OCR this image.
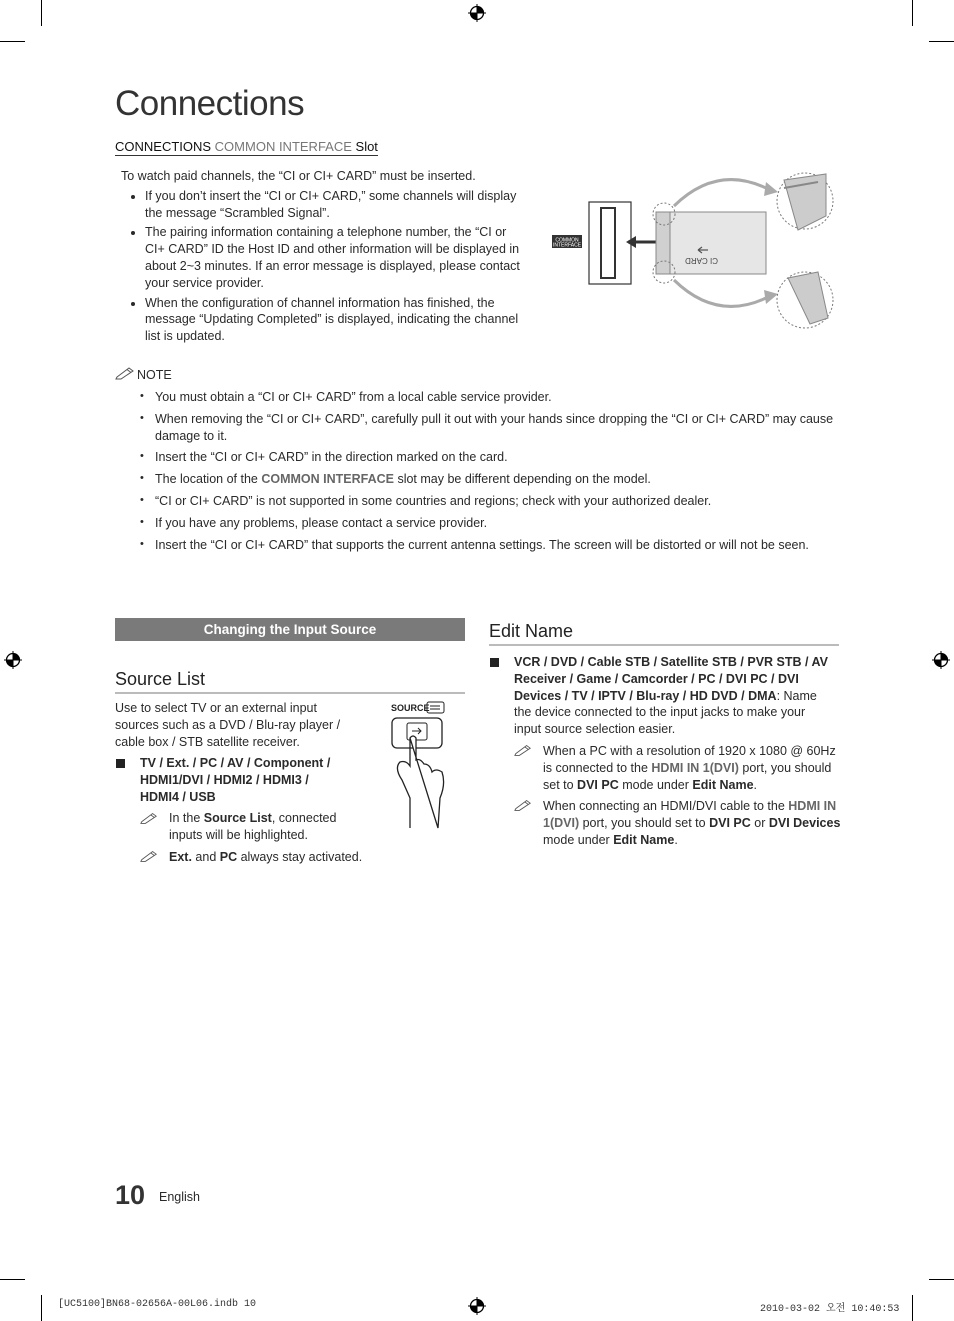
Connections
CONNECTIONS COMMON INTERFACE Slot
To watch paid channels, the “CI or CI+ CARD” must be inserted.
• If you don’t insert the “CI or CI+ CARD,” some channels will display the message “Scrambled Signal”.
• The pairing information containing a telephone number, the “CI or CI+ CARD” ID the Host ID and other information will be displayed in about 2~3 minutes. If an error message is displayed, please contact your service provider.
• When the configuration of channel information has finished, the message “Updating Completed” is displayed, indicating the channel list is updated.
COMMON
INTERFACE
CI CARD
NOTE
• You must obtain a “CI or CI+ CARD” from a local cable service provider.
• When removing the “CI or CI+ CARD”, carefully pull it out with your hands since dropping the “CI or CI+ CARD” may cause damage to it.
• Insert the “CI or CI+ CARD” in the direction marked on the card.
• The location of the COMMON INTERFACE slot may be different depending on the model.
• “CI or CI+ CARD” is not supported in some countries and regions; check with your authorized dealer.
• If you have any problems, please contact a service provider.
• Insert the “CI or CI+ CARD” that supports the current antenna settings. The screen will be distorted or will not be seen.
Changing the Input Source
Source List
Use to select TV or an external input sources such as a DVD / Blu-ray player / cable box / STB satellite receiver.
TV / Ext. / PC / AV / Component / HDMI1/DVI / HDMI2 / HDMI3 / HDMI4 / USB
In the Source List, connected inputs will be highlighted.
Ext. and PC always stay activated.
SOURCE
Edit Name
VCR / DVD / Cable STB / Satellite STB / PVR STB / AV Receiver / Game / Camcorder / PC / DVI PC / DVI Devices / TV / IPTV / Blu-ray / HD DVD / DMA: Name the device connected to the input jacks to make your input source selection easier.
When a PC with a resolution of 1920 x 1080 @ 60Hz is connected to the HDMI IN 1(DVI) port, you should set to DVI PC mode under Edit Name.
When connecting an HDMI/DVI cable to the HDMI IN 1(DVI) port, you should set to DVI PC or DVI Devices mode under Edit Name.
10 English
[UC5100]BN68-02656A-00L06.indb 10	2010-03-02 오전 10:40:53
